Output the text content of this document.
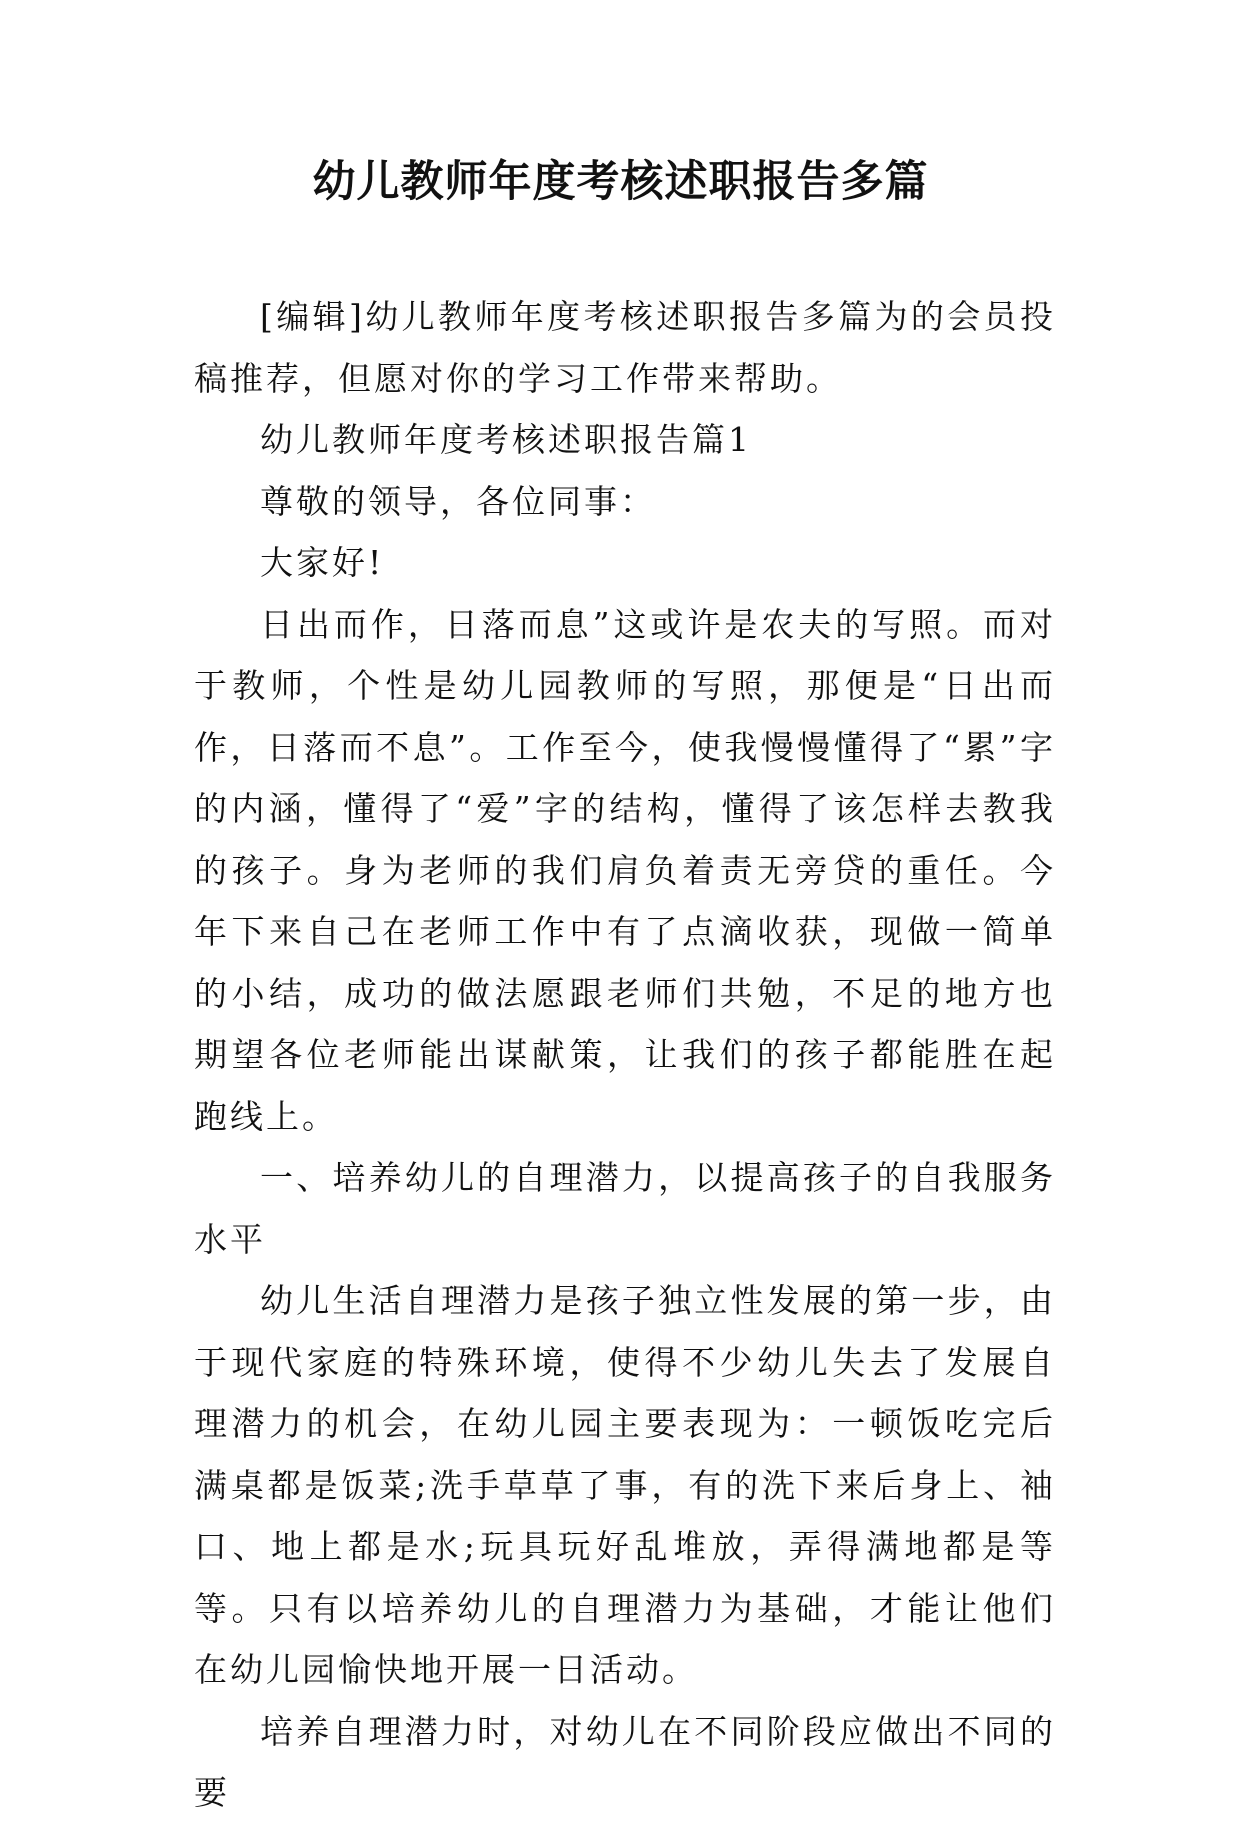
幼儿教师年度考核述职报告多篇

[编辑]幼儿教师年度考核述职报告多篇为的会员投稿推荐，但愿对你的学习工作带来帮助。

幼儿教师年度考核述职报告篇1

尊敬的领导，各位同事：

大家好!

日出而作，日落而息”这或许是农夫的写照。而对于教师，个性是幼儿园教师的写照，那便是“日出而作，日落而不息”。工作至今，使我慢慢懂得了“累”字的内涵，懂得了“爱”字的结构，懂得了该怎样去教我的孩子。身为老师的我们肩负着责无旁贷的重任。今年下来自己在老师工作中有了点滴收获，现做一简单的小结，成功的做法愿跟老师们共勉，不足的地方也期望各位老师能出谋献策，让我们的孩子都能胜在起跑线上。

一、培养幼儿的自理潜力，以提高孩子的自我服务水平

幼儿生活自理潜力是孩子独立性发展的第一步，由于现代家庭的特殊环境，使得不少幼儿失去了发展自理潜力的机会，在幼儿园主要表现为：一顿饭吃完后满桌都是饭菜;洗手草草了事，有的洗下来后身上、袖口、地上都是水;玩具玩好乱堆放，弄得满地都是等等。只有以培养幼儿的自理潜力为基础，才能让他们在幼儿园愉快地开展一日活动。

培养自理潜力时，对幼儿在不同阶段应做出不同的要
